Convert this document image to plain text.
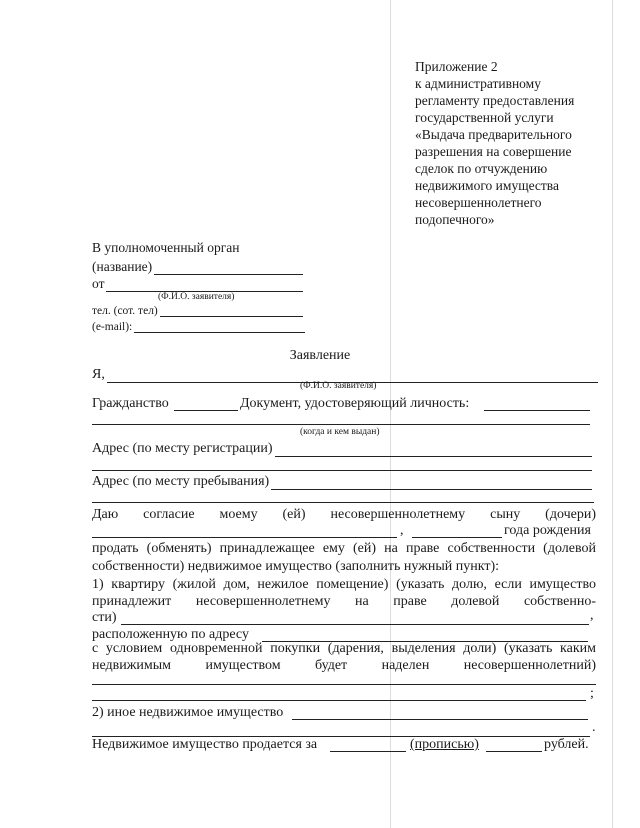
Приложение 2
к административному
регламенту предоставления
государственной услуги
«Выдача предварительного
разрешения на совершение
сделок по отчуждению
недвижимого имущества
несовершеннолетнего
подопечного»
В уполномоченный орган
(название)
от
(Ф.И.О. заявителя)
тел. (сот. тел)
(e-mail):
Заявление
Я,
(Ф.И.О. заявителя)
Гражданство	Документ, удостоверяющий личность:
(когда и кем выдан)
Адрес (по месту регистрации)
Адрес (по месту пребывания)
Даю согласие моему (ей) несовершеннолетнему сыну (дочери)
,	года рождения
продать (обменять) принадлежащее ему (ей) на праве собственности (долевой
собственности) недвижимое имущество (заполнить нужный пункт):
1) квартиру (жилой дом, нежилое помещение) (указать долю, если имущество
принадлежит несовершеннолетнему на праве долевой собственно-
сти)	,
расположенную по адресу
с условием одновременной покупки (дарения, выделения доли) (указать каким
недвижимым имуществом будет наделен несовершеннолетний)
;
2) иное недвижимое имущество
.
Недвижимое имущество продается за	(прописью)	рублей.
